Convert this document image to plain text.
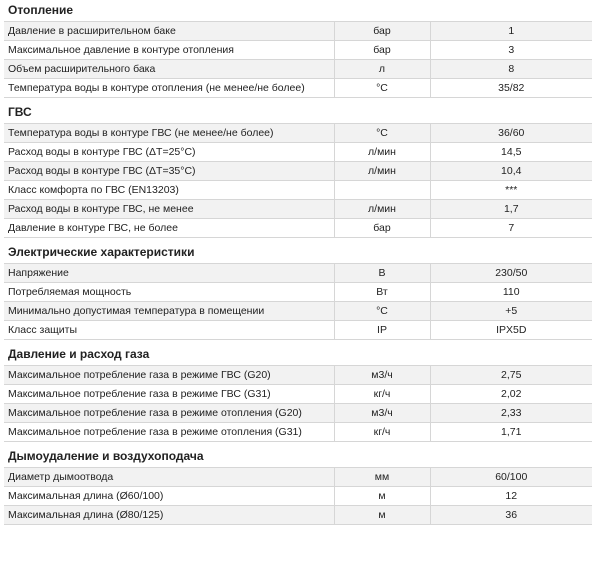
Отопление
Давление в расширительном баке	бар	1
Максимальное давление в контуре отопления	бар	3
Объем расширительного бака	л	8
Температура воды в контуре отопления (не менее/не более)	°С	35/82
ГВС
Температура воды в контуре ГВС (не менее/не более)	°С	36/60
Расход воды в контуре ГВС (ΔT=25°C)	л/мин	14,5
Расход воды в контуре ГВС (ΔT=35°C)	л/мин	10,4
Класс комфорта по ГВС (EN13203)		***
Расход воды в контуре ГВС, не менее	л/мин	1,7
Давление в контуре ГВС, не более	бар	7
Электрические характеристики
Напряжение	В	230/50
Потребляемая мощность	Вт	110
Минимально допустимая температура в помещении	°С	+5
Класс защиты	IP	IPX5D
Давление и расход газа
Максимальное потребление газа в режиме ГВС (G20)	м3/ч	2,75
Максимальное потребление газа в режиме ГВС (G31)	кг/ч	2,02
Максимальное потребление газа в режиме отопления (G20)	м3/ч	2,33
Максимальное потребление газа в режиме отопления (G31)	кг/ч	1,71
Дымоудаление и воздухоподача
Диаметр дымоотвода	мм	60/100
Максимальная длина (Ø60/100)	м	12
Максимальная длина (Ø80/125)	м	36
